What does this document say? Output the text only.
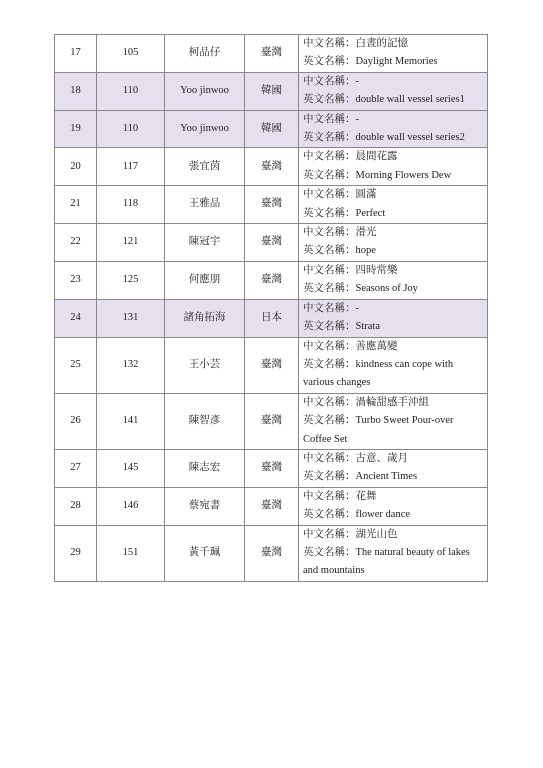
17	105	柯品仔	臺灣	中文名稱：白晝的記憶
英文名稱：Daylight Memories

18	110	Yoo jinwoo	韓國	中文名稱：-
英文名稱：double wall vessel series1

19	110	Yoo jinwoo	韓國	中文名稱：-
英文名稱：double wall vessel series2

20	117	張宜茵	臺灣	中文名稱：晨間花露
英文名稱：Morning Flowers Dew

21	118	王雅品	臺灣	中文名稱：圓滿
英文名稱：Perfect

22	121	陳冠宇	臺灣	中文名稱：滑光
英文名稱：hope

23	125	何應朋	臺灣	中文名稱：四時常樂
英文名稱：Seasons of Joy

24	131	諸角拓海	日本	中文名稱：-
英文名稱：Strata

25	132	王小芸	臺灣	中文名稱：善應萬變
英文名稱：kindness can cope with
various changes

26	141	陳智彥	臺灣	中文名稱：渦輪甜感手沖組
英文名稱：Turbo Sweet Pour-over
Coffee Set

27	145	陳志宏	臺灣	中文名稱：古意、歲月
英文名稱：Ancient Times

28	146	蔡宛書	臺灣	中文名稱：花舞
英文名稱：flower dance

29	151	黃千珮	臺灣	中文名稱：湖光山色
英文名稱：The natural beauty of lakes
and mountains
